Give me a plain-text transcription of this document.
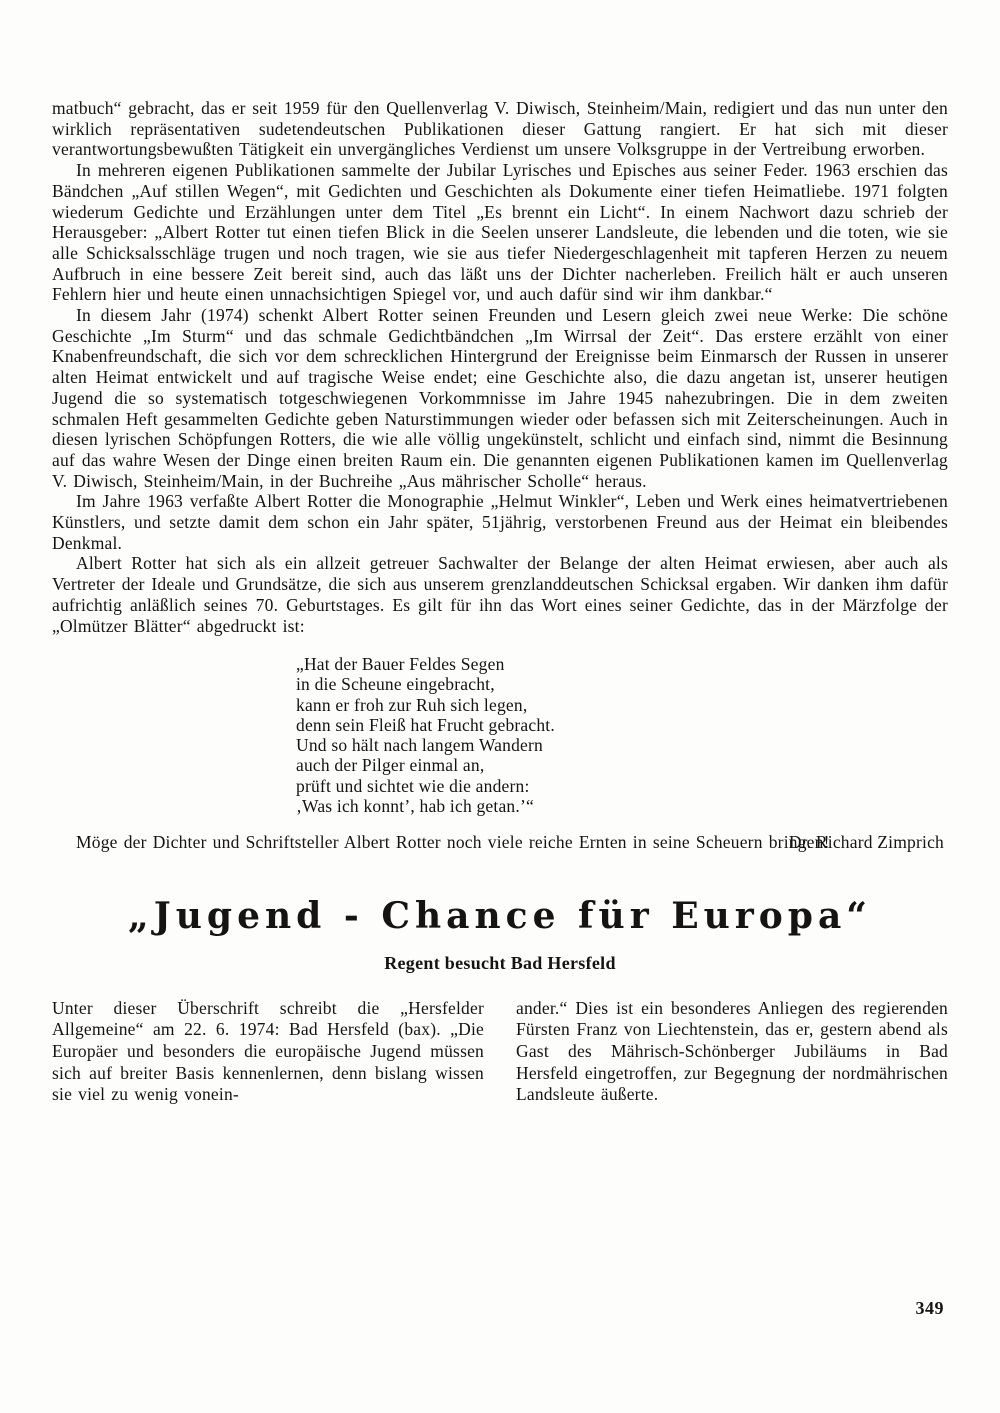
matbuch“ gebracht, das er seit 1959 für den Quellenverlag V. Diwisch, Steinheim/Main, redigiert und das nun unter den wirklich repräsentativen sudetendeutschen Publikationen dieser Gattung rangiert. Er hat sich mit dieser verantwortungsbewußten Tätigkeit ein unvergängliches Verdienst um unsere Volksgruppe in der Vertreibung erworben.

In mehreren eigenen Publikationen sammelte der Jubilar Lyrisches und Episches aus seiner Feder. 1963 erschien das Bändchen „Auf stillen Wegen“, mit Gedichten und Geschichten als Dokumente einer tiefen Heimatliebe. 1971 folgten wiederum Gedichte und Erzählungen unter dem Titel „Es brennt ein Licht“. In einem Nachwort dazu schrieb der Herausgeber: „Albert Rotter tut einen tiefen Blick in die Seelen unserer Landsleute, die lebenden und die toten, wie sie alle Schicksalsschläge trugen und noch tragen, wie sie aus tiefer Niedergeschlagenheit mit tapferen Herzen zu neuem Aufbruch in eine bessere Zeit bereit sind, auch das läßt uns der Dichter nacherleben. Freilich hält er auch unseren Fehlern hier und heute einen unnachsichtigen Spiegel vor, und auch dafür sind wir ihm dankbar.“

In diesem Jahr (1974) schenkt Albert Rotter seinen Freunden und Lesern gleich zwei neue Werke: Die schöne Geschichte „Im Sturm“ und das schmale Gedichtbändchen „Im Wirrsal der Zeit“. Das erstere erzählt von einer Knabenfreundschaft, die sich vor dem schrecklichen Hintergrund der Ereignisse beim Einmarsch der Russen in unserer alten Heimat entwickelt und auf tragische Weise endet; eine Geschichte also, die dazu angetan ist, unserer heutigen Jugend die so systematisch totgeschwiegenen Vorkommnisse im Jahre 1945 nahezubringen. Die in dem zweiten schmalen Heft gesammelten Gedichte geben Naturstimmungen wieder oder befassen sich mit Zeiterscheinungen. Auch in diesen lyrischen Schöpfungen Rotters, die wie alle völlig ungekünstelt, schlicht und einfach sind, nimmt die Besinnung auf das wahre Wesen der Dinge einen breiten Raum ein. Die genannten eigenen Publikationen kamen im Quellenverlag V. Diwisch, Steinheim/Main, in der Buchreihe „Aus mährischer Scholle“ heraus.

Im Jahre 1963 verfaßte Albert Rotter die Monographie „Helmut Winkler“, Leben und Werk eines heimatvertriebenen Künstlers, und setzte damit dem schon ein Jahr später, 51jährig, verstorbenen Freund aus der Heimat ein bleibendes Denkmal.

Albert Rotter hat sich als ein allzeit getreuer Sachwalter der Belange der alten Heimat erwiesen, aber auch als Vertreter der Ideale und Grundsätze, die sich aus unserem grenzlanddeutschen Schicksal ergaben. Wir danken ihm dafür aufrichtig anläßlich seines 70. Geburtstages. Es gilt für ihn das Wort eines seiner Gedichte, das in der Märzfolge der „Olmützer Blätter“ abgedruckt ist:

„Hat der Bauer Feldes Segen
in die Scheune eingebracht,
kann er froh zur Ruh sich legen,
denn sein Fleiß hat Frucht gebracht.
Und so hält nach langem Wandern
auch der Pilger einmal an,
prüft und sichtet wie die andern:
‚Was ich konnt’, hab ich getan.’“

Möge der Dichter und Schriftsteller Albert Rotter noch viele reiche Ernten in seine Scheuern bringen!

Dr. Richard Zimprich
„Jugend - Chance für Europa“
Regent besucht Bad Hersfeld

Unter dieser Überschrift schreibt die „Hersfelder Allgemeine“ am 22. 6. 1974: Bad Hersfeld (bax). „Die Europäer und besonders die europäische Jugend müssen sich auf breiter Basis kennenlernen, denn bislang wissen sie viel zu wenig vonein-

ander.“ Dies ist ein besonderes Anliegen des regierenden Fürsten Franz von Liechtenstein, das er, gestern abend als Gast des Mährisch-Schönberger Jubiläums in Bad Hersfeld eingetroffen, zur Begegnung der nordmährischen Landsleute äußerte.

349
